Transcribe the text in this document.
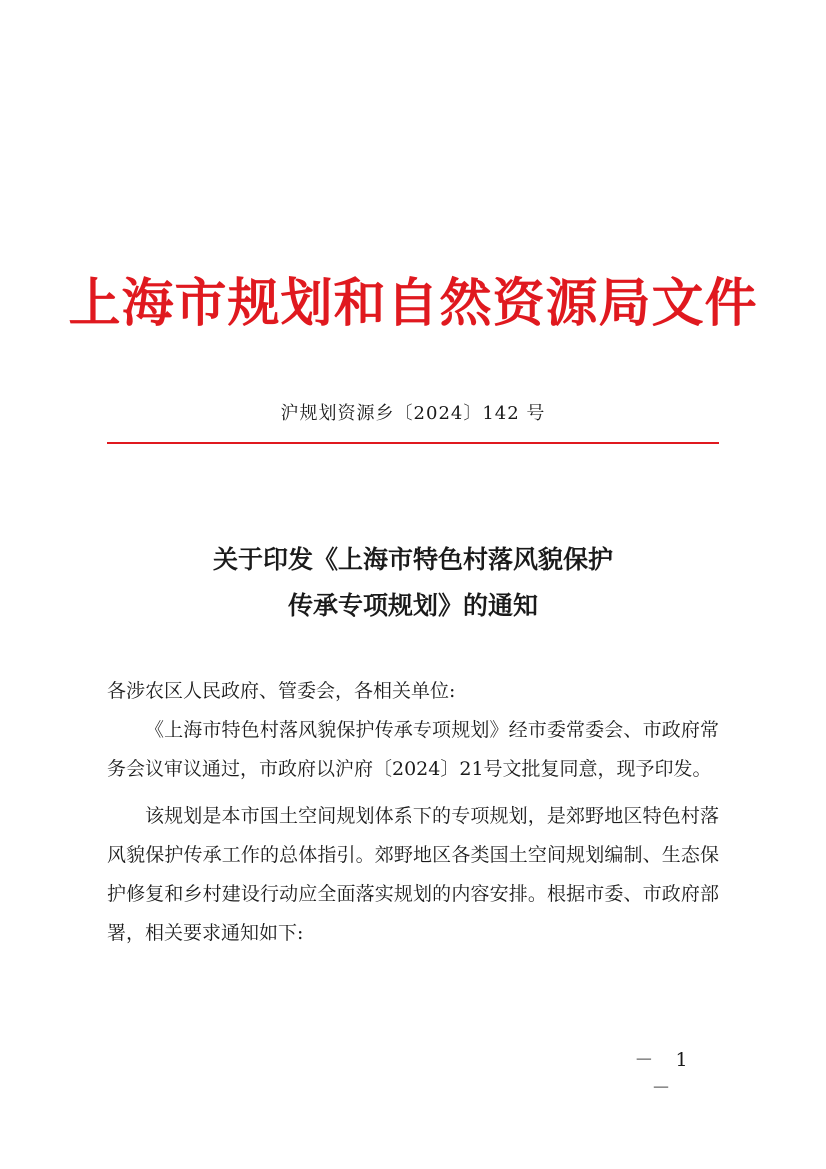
上海市规划和自然资源局文件
沪规划资源乡〔2024〕142 号
关于印发《上海市特色村落风貌保护
传承专项规划》的通知

各涉农区人民政府、管委会，各相关单位:

《上海市特色村落风貌保护传承专项规划》经市委常委会、市政府常务会议审议通过，市政府以沪府〔2024〕21号文批复同意，现予印发。

该规划是本市国土空间规划体系下的专项规划，是郊野地区特色村落风貌保护传承工作的总体指引。郊野地区各类国土空间规划编制、生态保护修复和乡村建设行动应全面落实规划的内容安排。根据市委、市政府部署，相关要求通知如下:

－ 1 －
